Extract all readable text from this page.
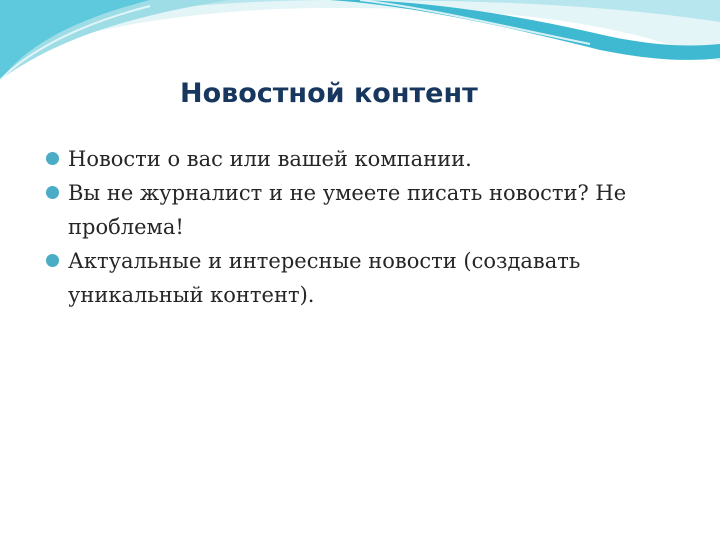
Новостной контент
Новости о вас или вашей компании.
Вы не журналист и не умеете писать новости? Не проблема!
Актуальные и интересные новости (создавать уникальный контент).
